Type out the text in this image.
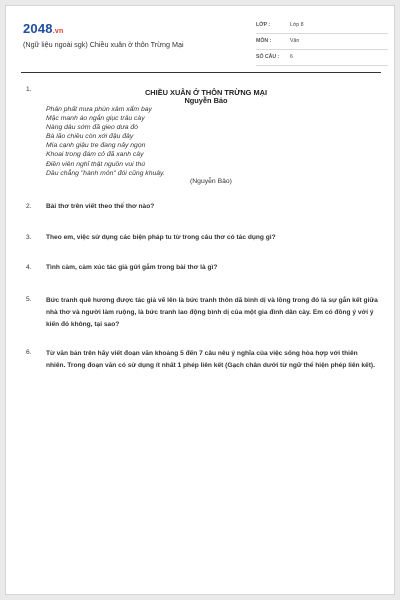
2048.vn
(Ngữ liệu ngoài sgk) Chiều xuân ở thôn Trừng Mại
LỚP :	Lớp 8
MÔN :	Văn
SỐ CÂU : 6
1.	CHIỀU XUÂN Ở THÔN TRỪNG MẠI
Nguyễn Bảo
Phân phất mưa phùn xâm xẩm bay
Mặc manh áo ngắn giục trâu cày
Nàng dâu sớm đã gieo dưa đó
Bà lão chiều còn xới đậu đây
Mía cạnh giậu tre đang nảy ngọn
Khoai trong đám cỏ đã xanh cây
Điền viên nghĩ thật nguồn vui thú
Dầu chẳng "hành môn" đói cũng khuây.
(Nguyễn Bảo)
2. Bài thơ trên viết theo thể thơ nào?
3. Theo em, việc sử dụng các biện pháp tu từ trong câu thơ có tác dụng gì?
4. Tình cảm, cảm xúc tác giả gửi gắm trong bài thơ là gì?
5. Bức tranh quê hương được tác giả vẽ lên là bức tranh thôn dã bình dị và lồng trong đó là sự gắn kết giữa nhà thơ và người làm ruộng, là bức tranh lao động bình dị của một gia đình dân cày. Em có đồng ý với ý kiến đó không, tại sao?
6. Từ văn bản trên hãy viết đoạn văn khoảng 5 đến 7 câu nêu ý nghĩa của việc sống hòa hợp với thiên nhiên. Trong đoạn văn có sử dụng ít nhất 1 phép liên kết (Gạch chân dưới từ ngữ thể hiện phép liên kết).
